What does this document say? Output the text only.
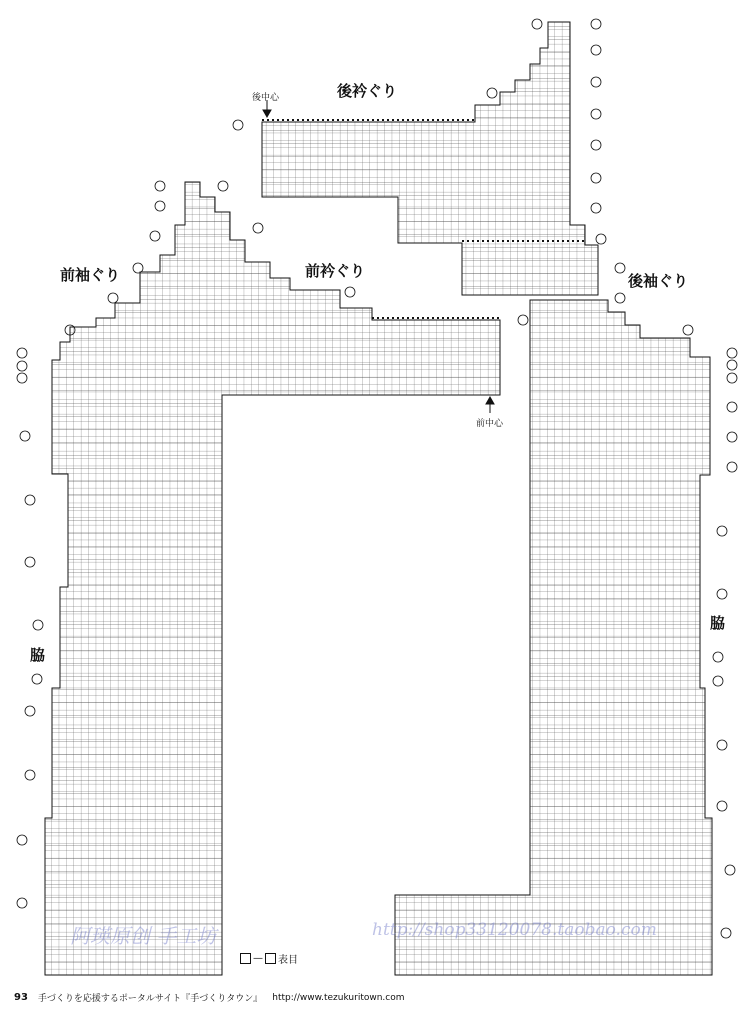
後衿ぐり
前袖ぐり	前衿ぐり
後袖ぐり
脇
脇
後中心
前中心
— 表目
阿瑛原创 手工坊	http://shop33120078.taobao.com
93 手づくりを応援するポータルサイト『手づくりタウン』 http://www.tezukuritown.com
